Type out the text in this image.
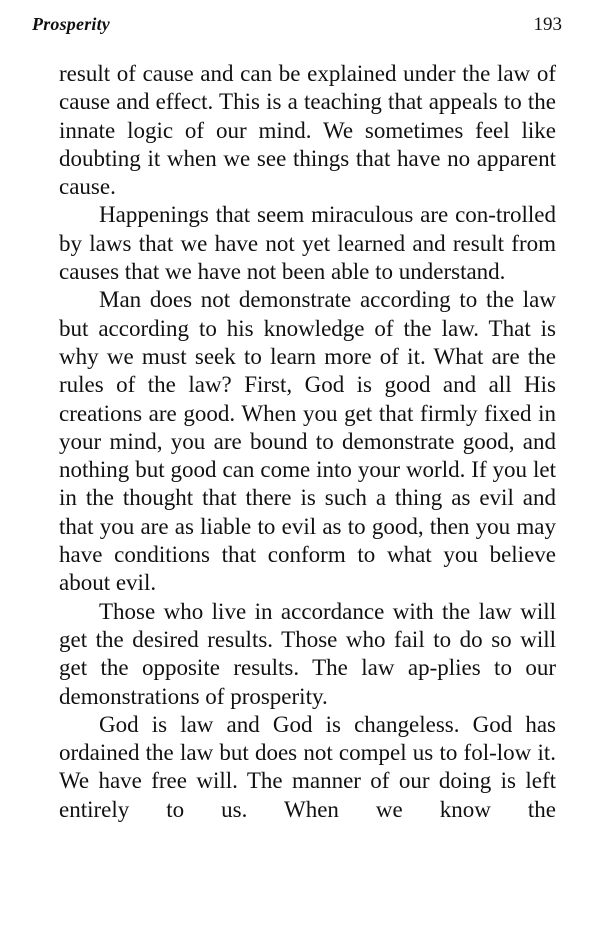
Prosperity	193

result of cause and can be explained under the law of cause and effect. This is a teaching that appeals to the innate logic of our mind. We sometimes feel like doubting it when we see things that have no apparent cause.

Happenings that seem miraculous are con-trolled by laws that we have not yet learned and result from causes that we have not been able to understand.

Man does not demonstrate according to the law but according to his knowledge of the law. That is why we must seek to learn more of it. What are the rules of the law? First, God is good and all His creations are good. When you get that firmly fixed in your mind, you are bound to demonstrate good, and nothing but good can come into your world. If you let in the thought that there is such a thing as evil and that you are as liable to evil as to good, then you may have conditions that conform to what you believe about evil.

Those who live in accordance with the law will get the desired results. Those who fail to do so will get the opposite results. The law ap-plies to our demonstrations of prosperity.

God is law and God is changeless. God has ordained the law but does not compel us to fol-low it. We have free will. The manner of our doing is left entirely to us. When we know the
